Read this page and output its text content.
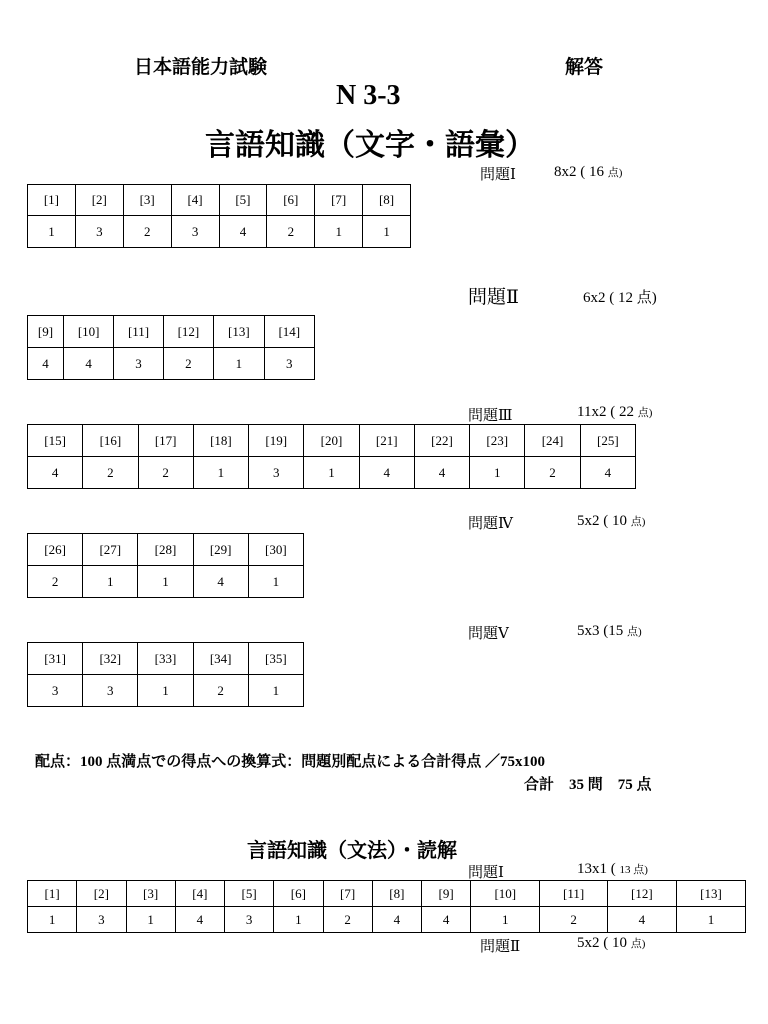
日本語能力試験	解答
N 3-3
言語知識（文字・語彙）
問題Ⅰ	8x2 ( 16 点)
[1]	[2]	[3]	[4]	[5]	[6]	[7]	[8]
1	3	2	3	4	2	1	1
問題Ⅱ	6x2 ( 12 点)
[9]	[10]	[11]	[12]	[13]	[14]
4	4	3	2	1	3
問題Ⅲ	11x2 ( 22 点)
[15]	[16]	[17]	[18]	[19]	[20]	[21]	[22]	[23]	[24]	[25]
4	2	2	1	3	1	4	4	1	2	4
問題Ⅳ	5x2 ( 10 点)
[26]	[27]	[28]	[29]	[30]
2	1	1	4	1
問題Ⅴ	5x3 (15 点)
[31]	[32]	[33]	[34]	[35]
3	3	1	2	1
配点：100 点満点での得点への換算式：問題別配点による合計得点 ／75x100
合計　35 問　75 点
言語知識（文法）・読解
問題Ⅰ	13x1 ( 13 点)
[1]	[2]	[3]	[4]	[5]	[6]	[7]	[8]	[9]	[10]	[11]	[12]	[13]
1	3	1	4	3	1	2	4	4	1	2	4	1
問題Ⅱ	5x2 ( 10 点)
